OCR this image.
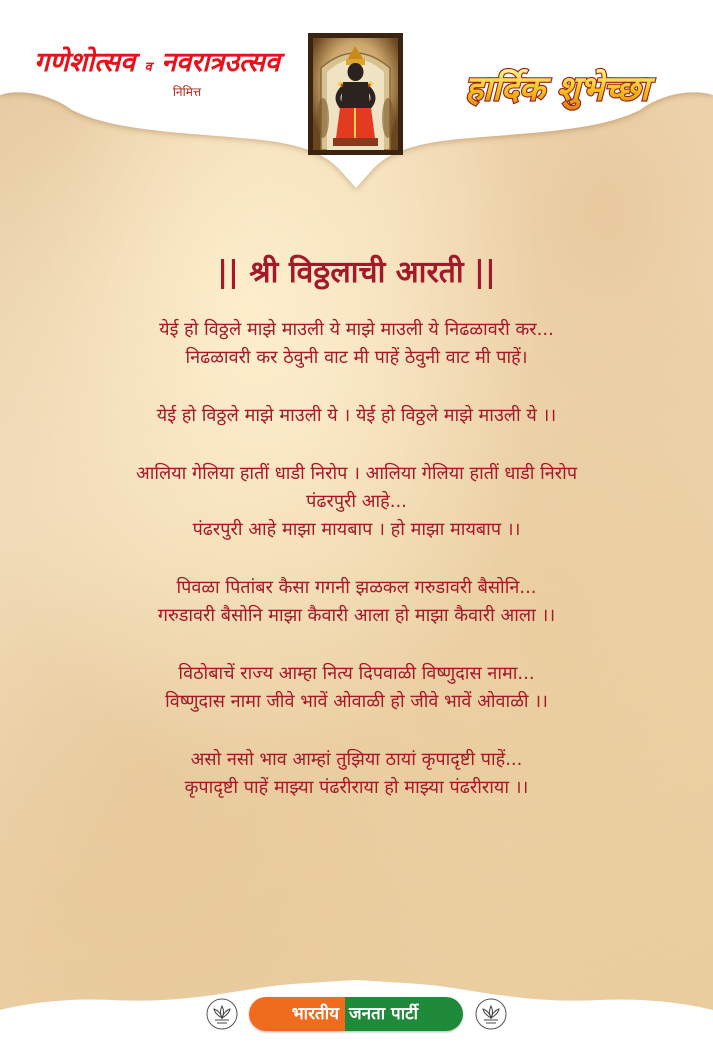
गणेशोत्सव व नवरात्रउत्सव
निमित्त	हार्दिक शुभेच्छा
|| श्री विठ्ठलाची आरती ||
येई हो विठ्ठले माझे माउली ये माझे माउली ये निढळावरी कर...
निढळावरी कर ठेवुनी वाट मी पाहें ठेवुनी वाट मी पाहें।
येई हो विठ्ठले माझे माउली ये । येई हो विठ्ठले माझे माउली ये ।।
आलिया गेलिया हातीं धाडी निरोप । आलिया गेलिया हातीं धाडी निरोप
पंढरपुरी आहे...
पंढरपुरी आहे माझा मायबाप । हो माझा मायबाप ।।
पिवळा पितांबर कैसा गगनी झळकल गरुडावरी बैसोनि...
गरुडावरी बैसोनि माझा कैवारी आला हो माझा कैवारी आला ।।
विठोबाचें राज्य आम्हा नित्य दिपवाळी विष्णुदास नामा...
विष्णुदास नामा जीवे भावें ओवाळी हो जीवे भावें ओवाळी ।।
असो नसो भाव आम्हां तुझिया ठायां कृपादृष्टी पाहें...
कृपादृष्टी पाहें माझ्या पंढरीराया हो माझ्या पंढरीराया ।।
भारतीय जनता पार्टी
